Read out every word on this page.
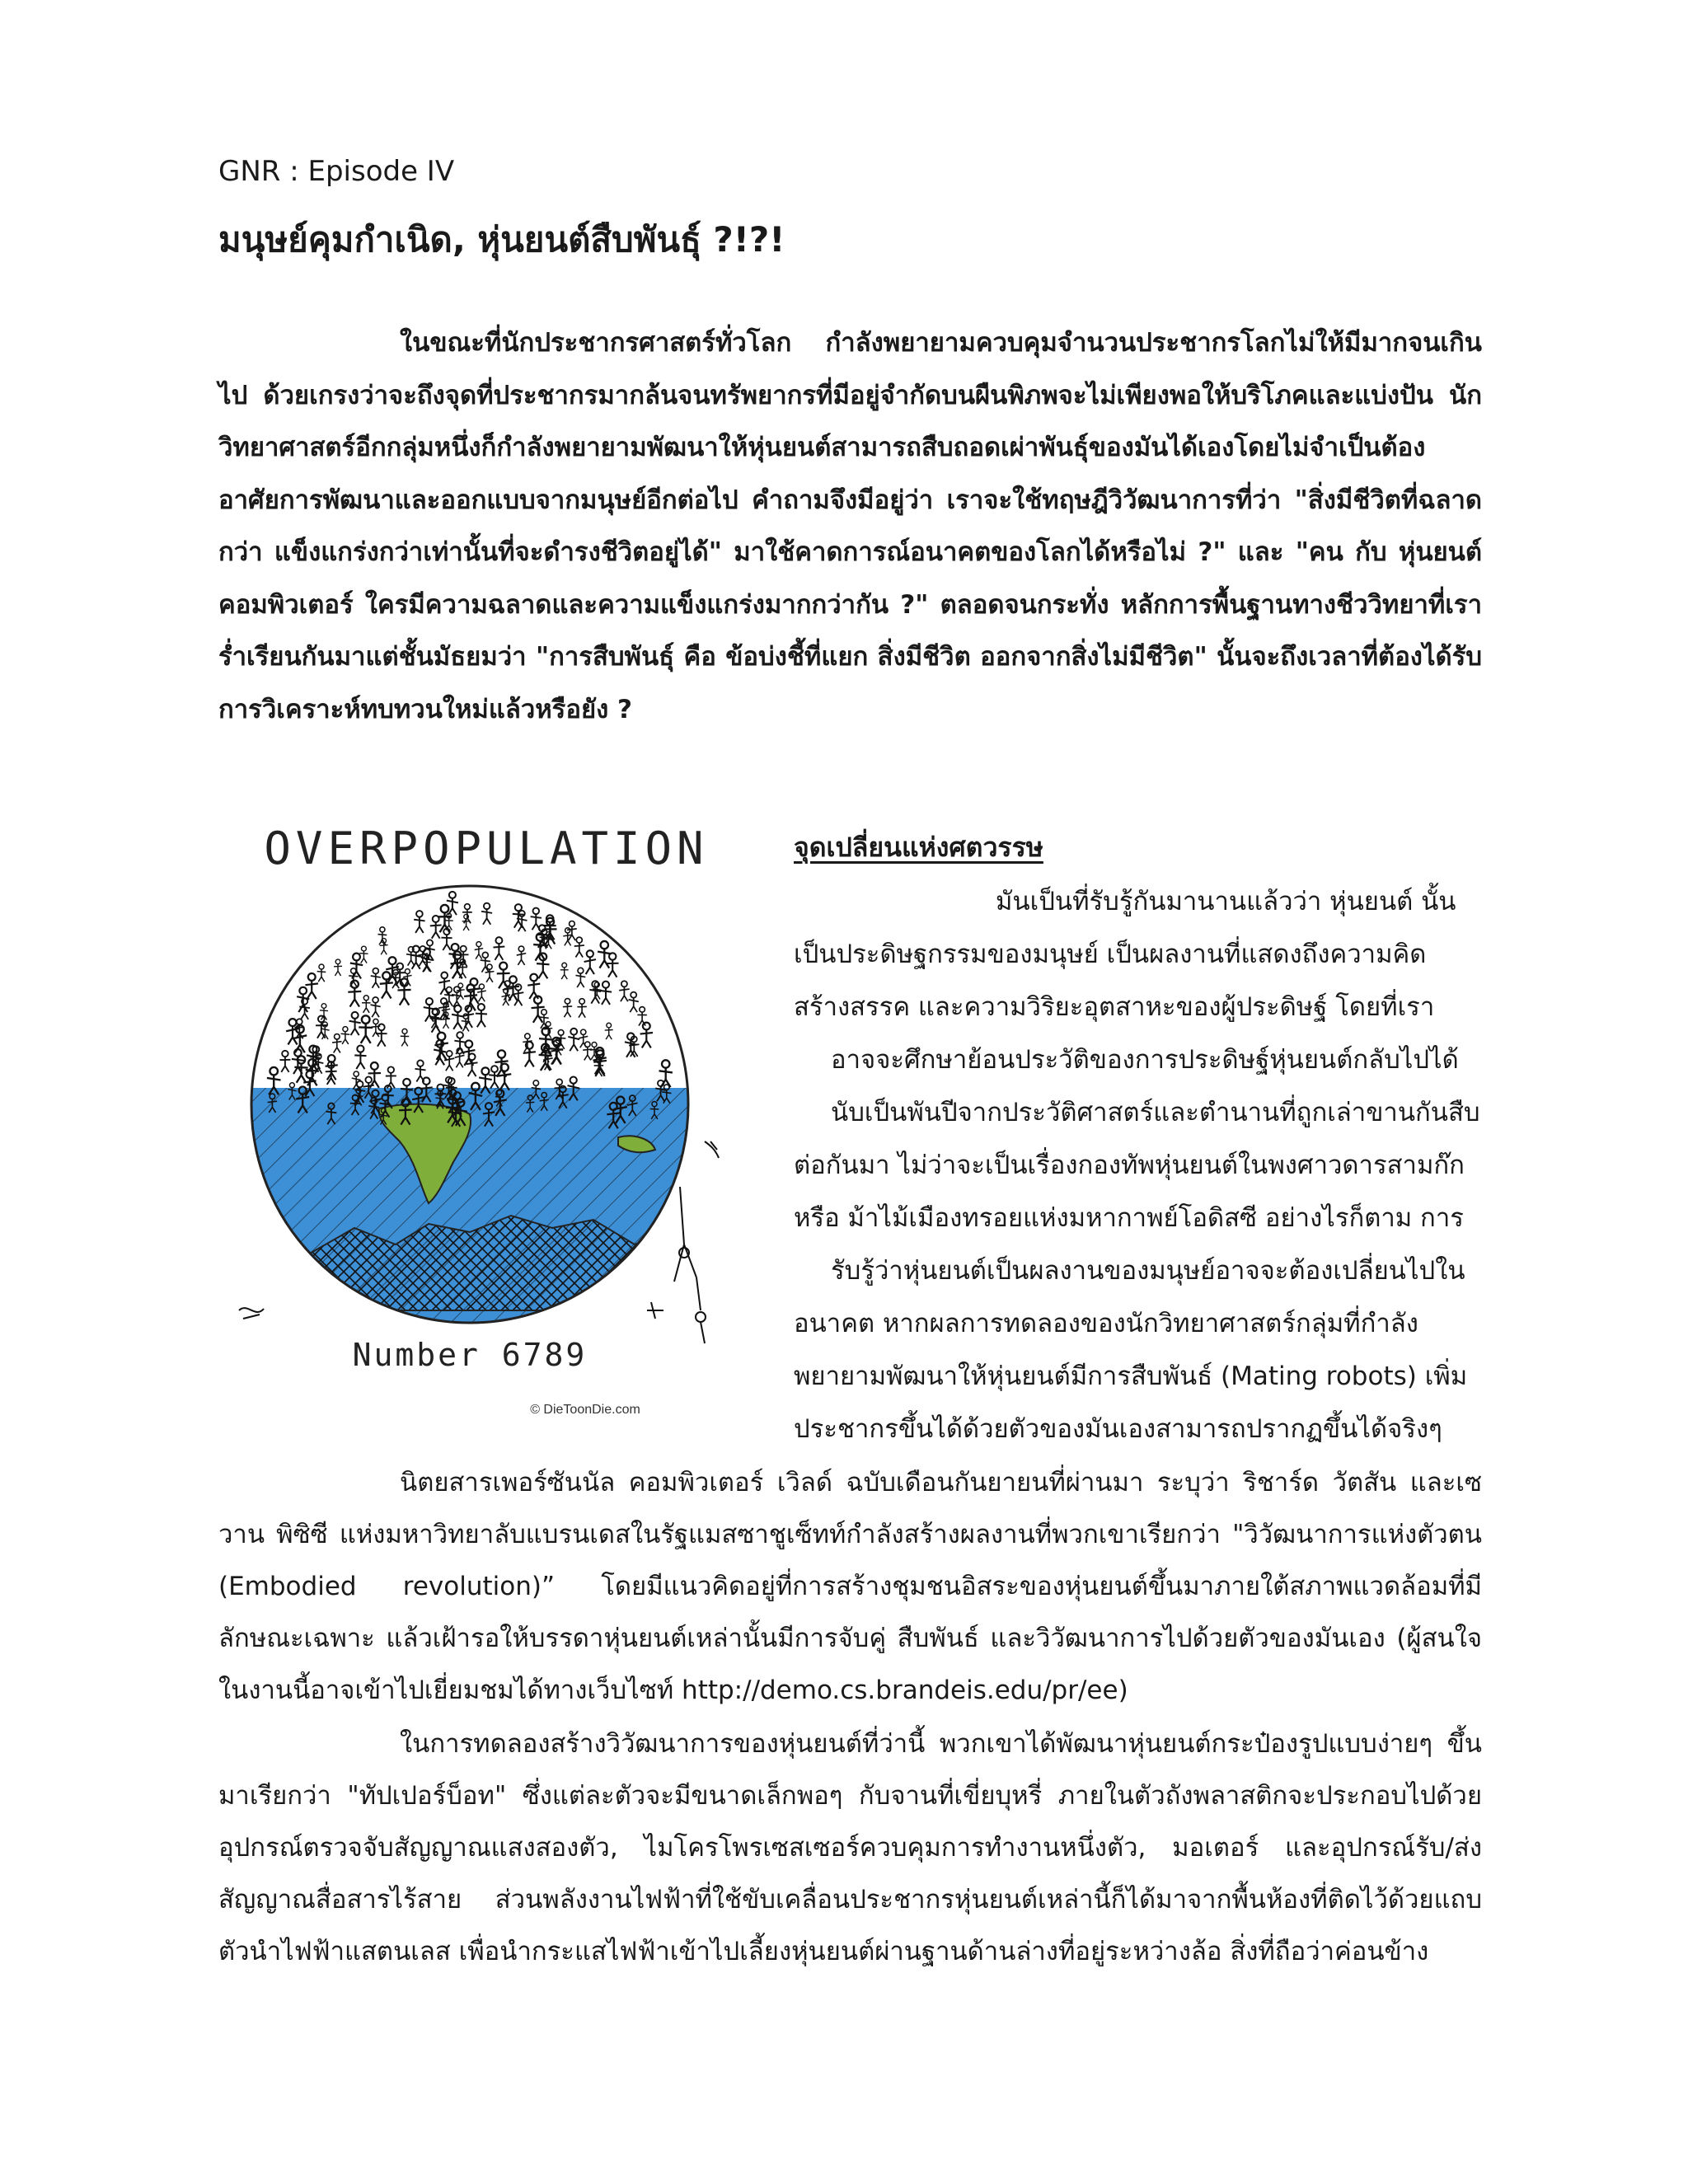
GNR : Episode IV
มนุษย์คุมกำเนิด, หุ่นยนต์สืบพันธุ์ ?!?!

ในขณะที่นักประชากรศาสตร์ทั่วโลก กำลังพยายามควบคุมจำนวนประชากรโลกไม่ให้มีมากจนเกินไป ด้วยเกรงว่าจะถึงจุดที่ประชากรมากล้นจนทรัพยากรที่มีอยู่จำกัดบนผืนพิภพจะไม่เพียงพอให้บริโภคและแบ่งปัน นักวิทยาศาสตร์อีกกลุ่มหนึ่งก็กำลังพยายามพัฒนาให้หุ่นยนต์สามารถสืบถอดเผ่าพันธุ์ของมันได้เองโดยไม่จำเป็นต้องอาศัยการพัฒนาและออกแบบจากมนุษย์อีกต่อไป คำถามจึงมีอยู่ว่า เราจะใช้ทฤษฎีวิวัฒนาการที่ว่า "สิ่งมีชีวิตที่ฉลาดกว่า แข็งแกร่งกว่าเท่านั้นที่จะดำรงชีวิตอยู่ได้" มาใช้คาดการณ์อนาคตของโลกได้หรือไม่ ?" และ "คน กับ หุ่นยนต์คอมพิวเตอร์ ใครมีความฉลาดและความแข็งแกร่งมากกว่ากัน ?" ตลอดจนกระทั่ง หลักการพื้นฐานทางชีววิทยาที่เราร่ำเรียนกันมาแต่ชั้นมัธยมว่า "การสืบพันธุ์ คือ ข้อบ่งชี้ที่แยก สิ่งมีชีวิต ออกจากสิ่งไม่มีชีวิต" นั้นจะถึงเวลาที่ต้องได้รับการวิเคราะห์ทบทวนใหม่แล้วหรือยัง ?

OVERPOPULATION
Number 6789
© DieToonDie.com
จุดเปลี่ยนแห่งศตวรรษ

มันเป็นที่รับรู้กันมานานแล้วว่า หุ่นยนต์ นั้น
เป็นประดิษฐกรรมของมนุษย์ เป็นผลงานที่แสดงถึงความคิด
สร้างสรรค และความวิริยะอุตสาหะของผู้ประดิษฐ์ โดยที่เรา
อาจจะศึกษาย้อนประวัติของการประดิษฐ์หุ่นยนต์กลับไปได้
นับเป็นพันปีจากประวัติศาสตร์และตำนานที่ถูกเล่าขานกันสืบ
ต่อกันมา ไม่ว่าจะเป็นเรื่องกองทัพหุ่นยนต์ในพงศาวดารสามก๊ก
หรือ ม้าไม้เมืองทรอยแห่งมหากาพย์โอดิสซี อย่างไรก็ตาม การ
รับรู้ว่าหุ่นยนต์เป็นผลงานของมนุษย์อาจจะต้องเปลี่ยนไปใน
อนาคต หากผลการทดลองของนักวิทยาศาสตร์กลุ่มที่กำลัง
พยายามพัฒนาให้หุ่นยนต์มีการสืบพันธ์ (Mating robots) เพิ่ม
ประชากรขึ้นได้ด้วยตัวของมันเองสามารถปรากฏขึ้นได้จริงๆ

นิตยสารเพอร์ซันนัล คอมพิวเตอร์ เวิลด์ ฉบับเดือนกันยายนที่ผ่านมา ระบุว่า ริชาร์ด วัตสัน และเซวาน พิซิซี แห่งมหาวิทยาลับแบรนเดสในรัฐแมสซาชูเซ็ทท์กำลังสร้างผลงานที่พวกเขาเรียกว่า "วิวัฒนาการแห่งตัวตน (Embodied revolution)” โดยมีแนวคิดอยู่ที่การสร้างชุมชนอิสระของหุ่นยนต์ขึ้นมาภายใต้สภาพแวดล้อมที่มีลักษณะเฉพาะ แล้วเฝ้ารอให้บรรดาหุ่นยนต์เหล่านั้นมีการจับคู่ สืบพันธ์ และวิวัฒนาการไปด้วยตัวของมันเอง (ผู้สนใจในงานนี้อาจเข้าไปเยี่ยมชมได้ทางเว็บไซท์ http://demo.cs.brandeis.edu/pr/ee)

ในการทดลองสร้างวิวัฒนาการของหุ่นยนต์ที่ว่านี้ พวกเขาได้พัฒนาหุ่นยนต์กระป๋องรูปแบบง่ายๆ ขึ้นมาเรียกว่า "ทัปเปอร์บ็อท" ซึ่งแต่ละตัวจะมีขนาดเล็กพอๆ กับจานที่เขี่ยบุหรี่ ภายในตัวถังพลาสติกจะประกอบไปด้วยอุปกรณ์ตรวจจับสัญญาณแสงสองตัว, ไมโครโพรเซสเซอร์ควบคุมการทำงานหนึ่งตัว, มอเตอร์ และอุปกรณ์รับ/ส่งสัญญาณสื่อสารไร้สาย ส่วนพลังงานไฟฟ้าที่ใช้ขับเคลื่อนประชากรหุ่นยนต์เหล่านี้ก็ได้มาจากพื้นห้องที่ติดไว้ด้วยแถบตัวนำไฟฟ้าแสตนเลส เพื่อนำกระแสไฟฟ้าเข้าไปเลี้ยงหุ่นยนต์ผ่านฐานด้านล่างที่อยู่ระหว่างล้อ สิ่งที่ถือว่าค่อนข้าง
